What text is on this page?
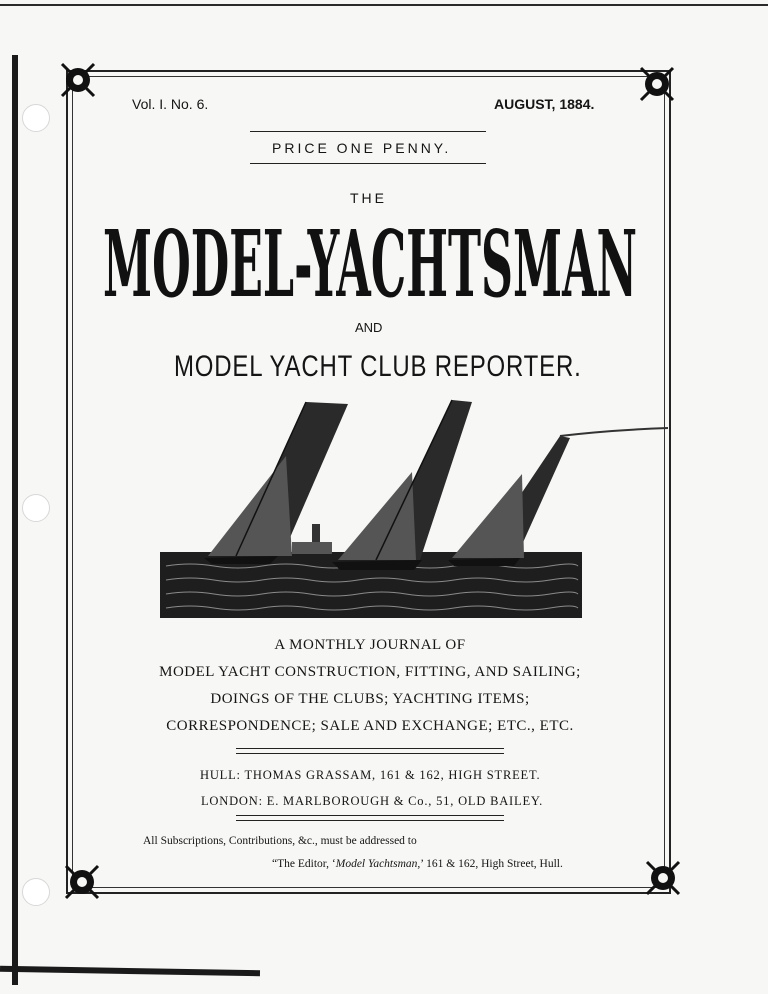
Vol. I. No. 6.	AUGUST, 1884.
PRICE ONE PENNY.
THE
MODEL-YACHTSMAN
AND
MODEL YACHT CLUB REPORTER.
A MONTHLY JOURNAL OF
MODEL YACHT CONSTRUCTION, FITTING, AND SAILING;
DOINGS OF THE CLUBS; YACHTING ITEMS;
CORRESPONDENCE; SALE AND EXCHANGE; ETC., ETC.
HULL: THOMAS GRASSAM, 161 & 162, HIGH STREET.
LONDON: E. MARLBOROUGH & Co., 51, OLD BAILEY.
All Subscriptions, Contributions, &c., must be addressed to
“The Editor, ‘Model Yachtsman,’ 161 & 162, High Street, Hull.
